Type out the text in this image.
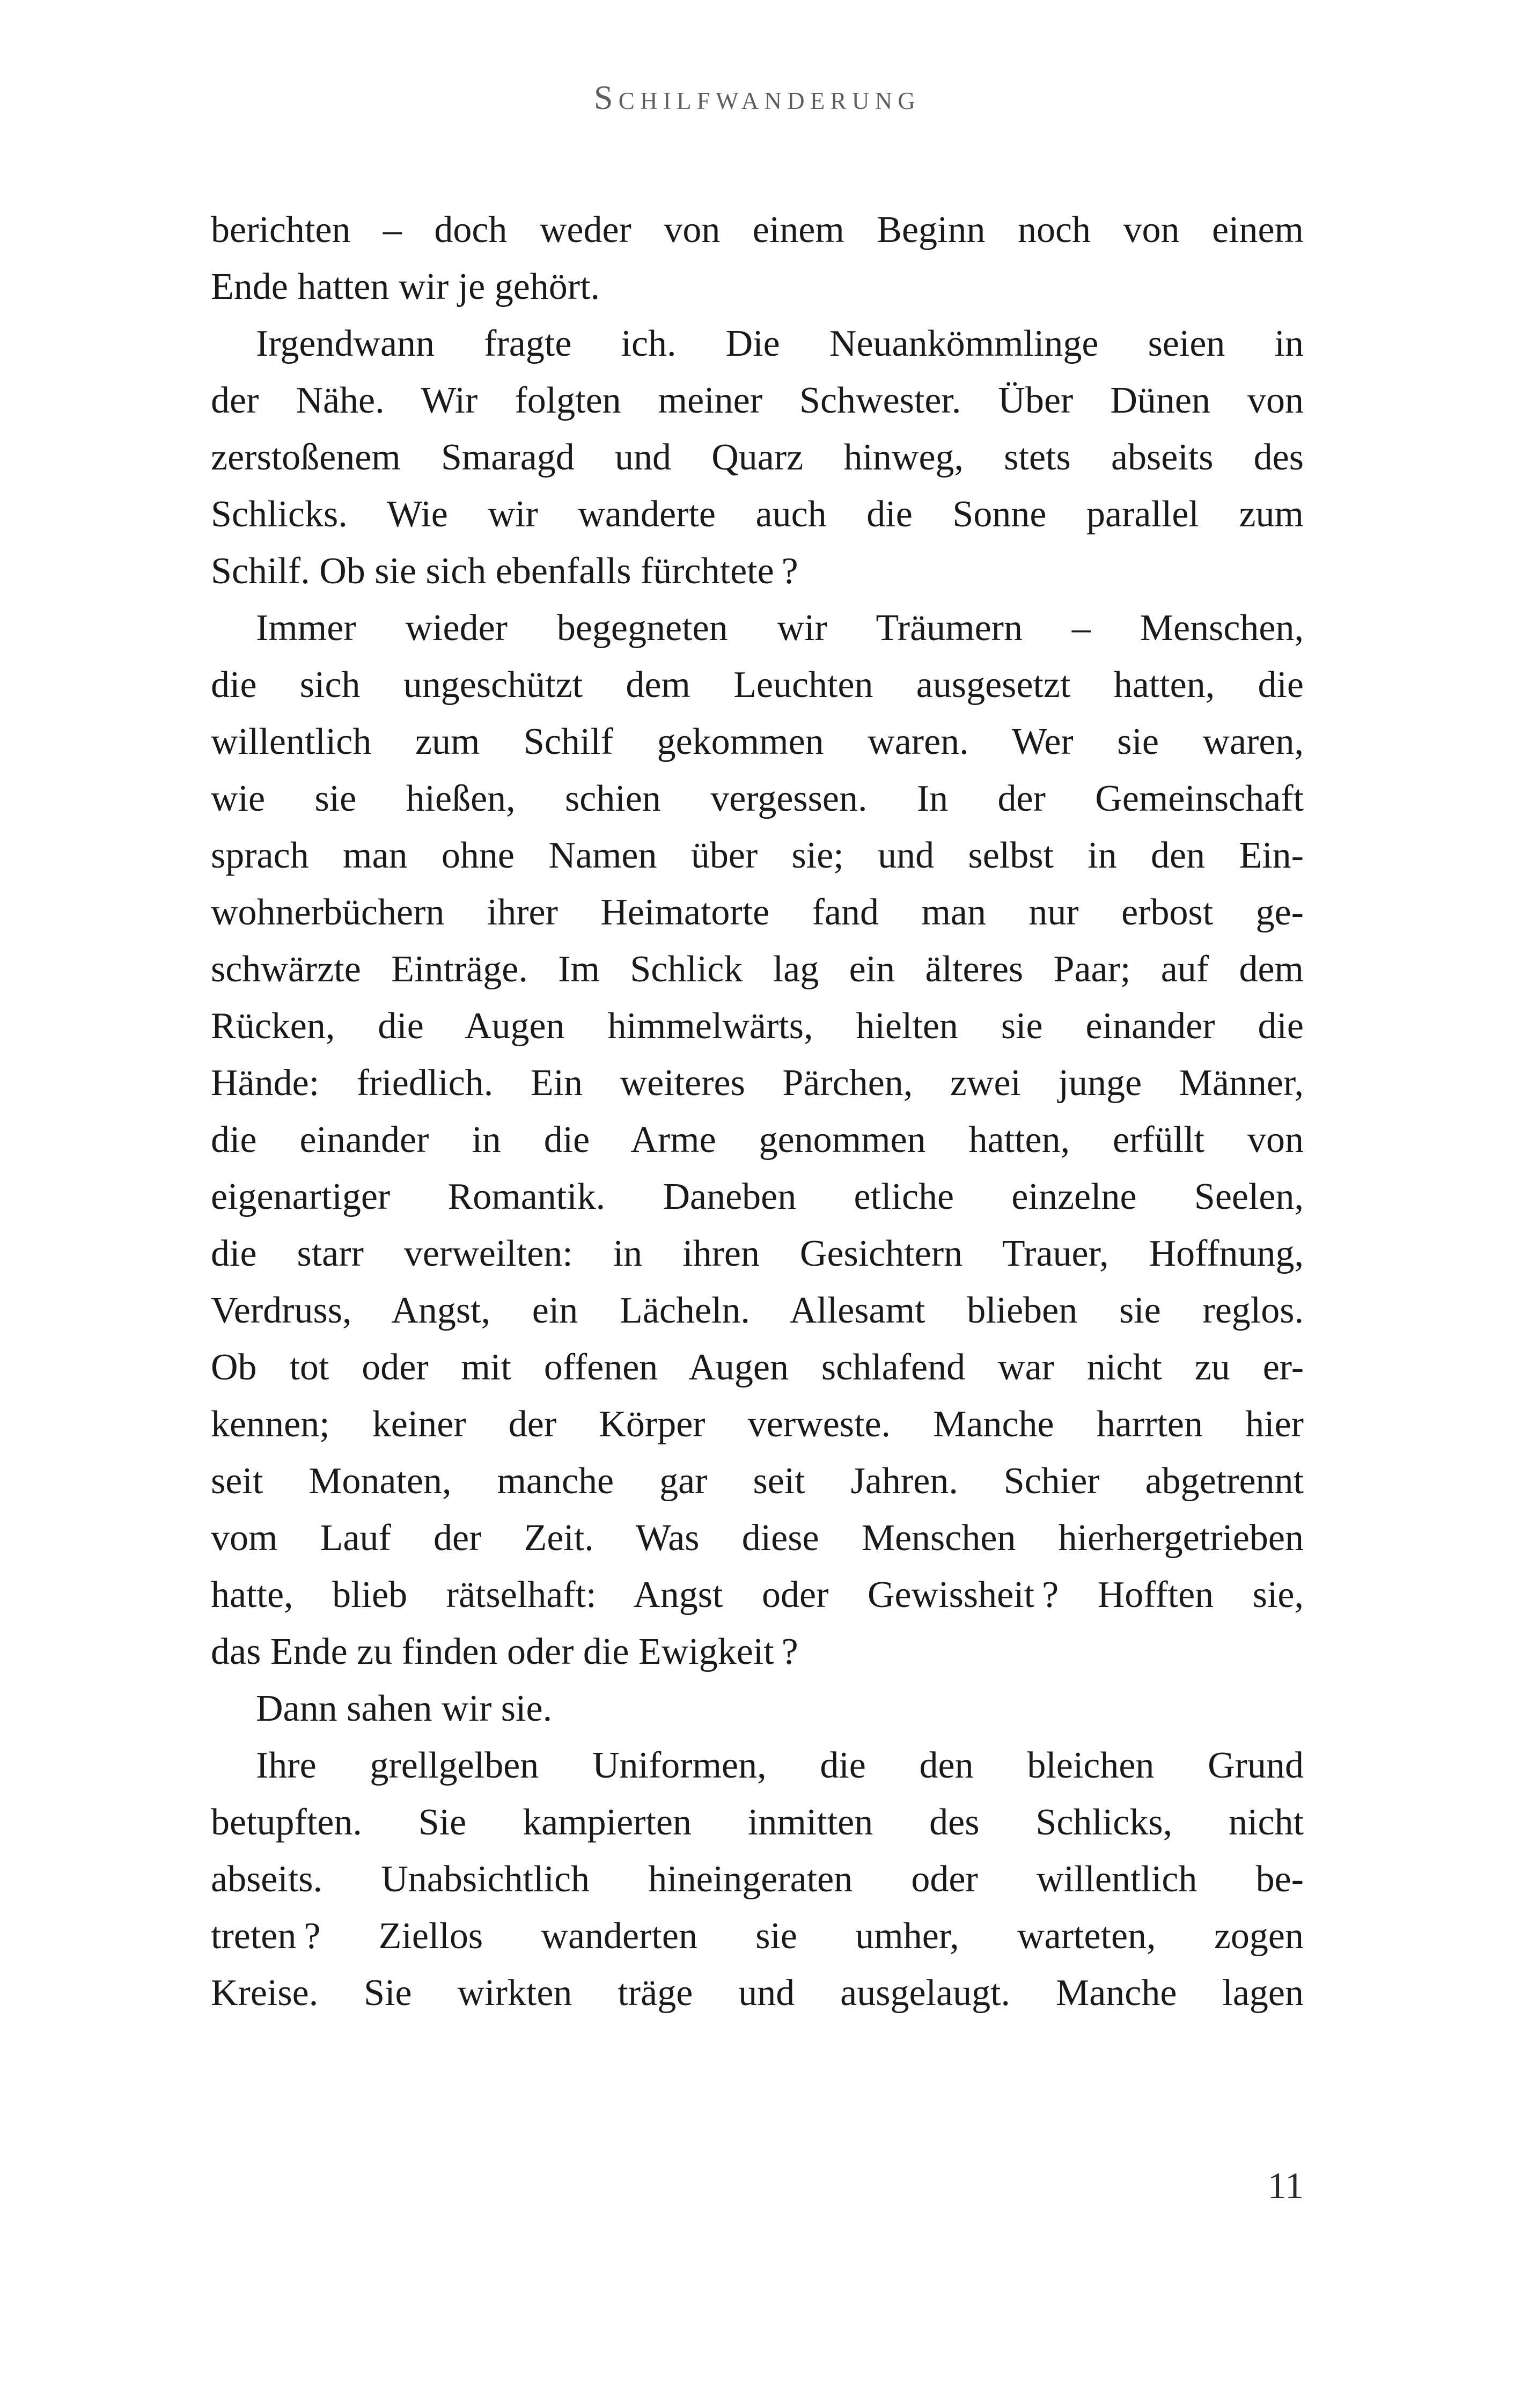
Schilfwanderung
berichten – doch weder von einem Beginn noch von einem
Ende hatten wir je gehört.
Irgendwann fragte ich. Die Neuankömmlinge seien in
der Nähe. Wir folgten meiner Schwester. Über Dünen von
zerstoßenem Smaragd und Quarz hinweg, stets abseits des
Schlicks. Wie wir wanderte auch die Sonne parallel zum
Schilf. Ob sie sich ebenfalls fürchtete ?
Immer wieder begegneten wir Träumern – Menschen,
die sich ungeschützt dem Leuchten ausgesetzt hatten, die
willentlich zum Schilf gekommen waren. Wer sie waren,
wie sie hießen, schien vergessen. In der Gemeinschaft
sprach man ohne Namen über sie; und selbst in den Ein-
wohnerbüchern ihrer Heimatorte fand man nur erbost ge-
schwärzte Einträge. Im Schlick lag ein älteres Paar; auf dem
Rücken, die Augen himmelwärts, hielten sie einander die
Hände: friedlich. Ein weiteres Pärchen, zwei junge Männer,
die einander in die Arme genommen hatten, erfüllt von
eigenartiger Romantik. Daneben etliche einzelne Seelen,
die starr verweilten: in ihren Gesichtern Trauer, Hoffnung,
Verdruss, Angst, ein Lächeln. Allesamt blieben sie reglos.
Ob tot oder mit offenen Augen schlafend war nicht zu er-
kennen; keiner der Körper verweste. Manche harrten hier
seit Monaten, manche gar seit Jahren. Schier abgetrennt
vom Lauf der Zeit. Was diese Menschen hierhergetrieben
hatte, blieb rätselhaft: Angst oder Gewissheit ? Hofften sie,
das Ende zu finden oder die Ewigkeit ?
Dann sahen wir sie.
Ihre grellgelben Uniformen, die den bleichen Grund
betupften. Sie kampierten inmitten des Schlicks, nicht
abseits. Unabsichtlich hineingeraten oder willentlich be-
treten ? Ziellos wanderten sie umher, warteten, zogen
Kreise. Sie wirkten träge und ausgelaugt. Manche lagen
11
